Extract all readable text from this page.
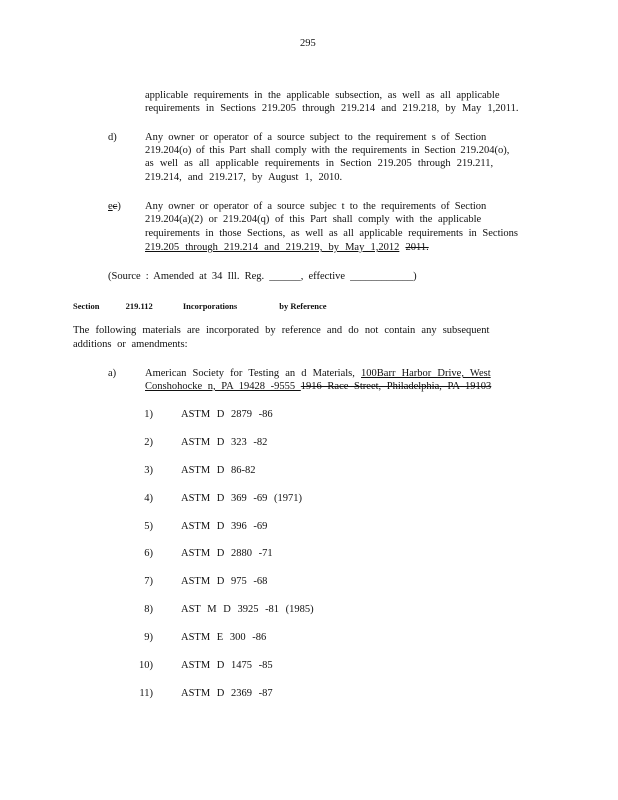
295
applicable requirements in the applicable subsection, as well as all applicable
requirements in Sections 219.205 through 219.214 and 219.218, by May 1,2011.
d)	Any owner or operator of a source subject to the requirement s of Section
219.204(o) of this Part shall comply with the requirements in Section 219.204(o),
as well as all applicable requirements in Section 219.205 through 219.211,
219.214, and 219.217, by August 1, 2010.
ec) Any owner or operator of a source subjec t to the requirements of Section
219.204(a)(2) or 219.204(q) of this Part shall comply with the applicable
requirements in those Sections, as well as all applicable requirements in Sections
219.205 through 219.214 and 219.219, by May 1,2012 2011.
(Source : Amended at 34 Ill. Reg. ______, effective ____________)
Section	219.112	Incorporations	by Reference
The following materials are incorporated by reference and do not contain any subsequent
additions or amendments:
a)	American Society for Testing an d Materials, 100Barr Harbor Drive, West
Conshohocke n, PA 19428 -9555 1916 Race Street, Philadelphia, PA 19103
1)	ASTM D 2879 -86
2)	ASTM D 323 -82
3)	ASTM D 86-82
4)	ASTM D 369 -69 (1971)
5)	ASTM D 396 -69
6)	ASTM D 2880 -71
7)	ASTM D 975 -68
8)	AST M D 3925 -81 (1985)
9)	ASTM E 300 -86
10)	ASTM D 1475 -85
11)	ASTM D 2369 -87
